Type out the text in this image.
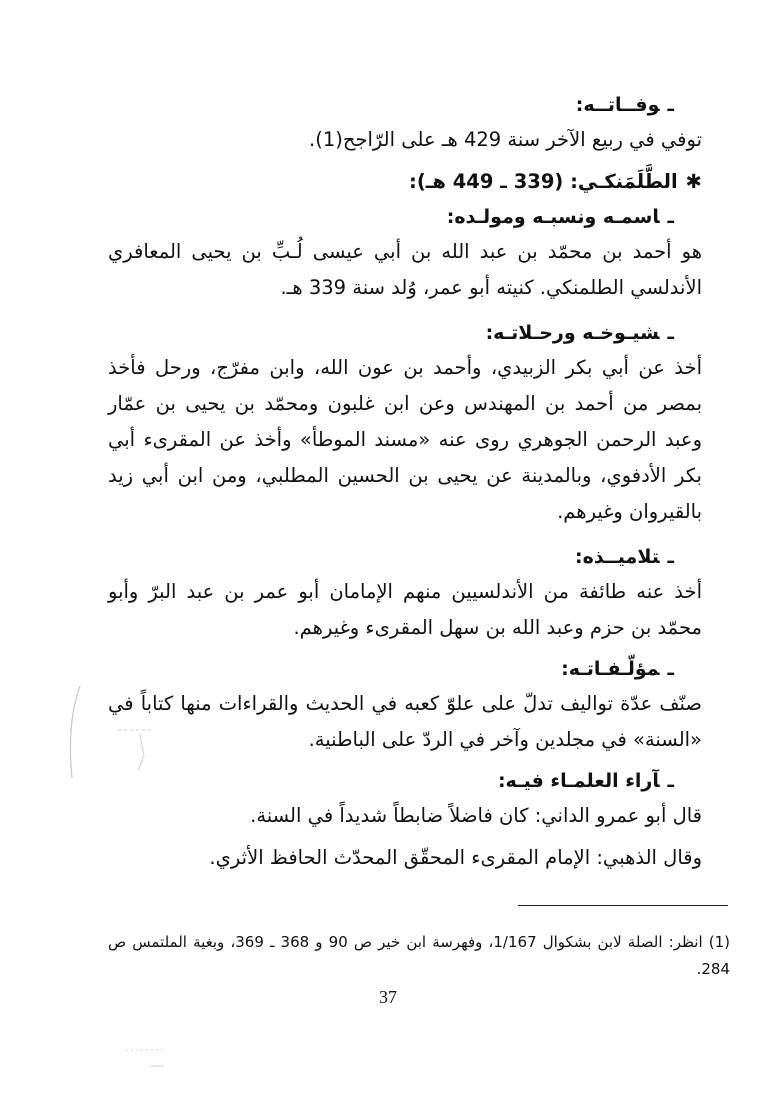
ـوفــاتــه:

توفي في ربيع الآخر سنة 429 هـ على الرّاجح(1).

✱الطَّلَمَنكـي: (339 ـ 449 هـ):
ـاسمـه ونسبـه ومولـده:

هو أحمد بن محمّد بن عبد الله بن أبي عيسى لُـبِّ بن يحيى المعافري الأندلسي الطلمنكي. كنيته أبو عمر، وُلد سنة 339 هـ.

ـشيـوخـه ورحـلاتـه:

أخذ عن أبي بكر الزبيدي، وأحمد بن عون الله، وابن مفرّج، ورحل فأخذ بمصر من أحمد بن المهندس وعن ابن غلبون ومحمّد بن يحيى بن عمّار وعبد الرحمن الجوهري روى عنه «مسند الموطأ» وأخذ عن المقرىء أبي بكر الأدفوي، وبالمدينة عن يحيى بن الحسين المطلبي، ومن ابن أبي زيد بالقيروان وغيرهم.

ـتلاميــذه:

أخذ عنه طائفة من الأندلسيين منهم الإمامان أبو عمر بن عبد البرّ وأبو محمّد بن حزم وعبد الله بن سهل المقرىء وغيرهم.

ـمؤلّـفـاتـه:

صنّف عدّة تواليف تدلّ على علوّ كعبه في الحديث والقراءات منها كتاباً في «السنة» في مجلدين وآخر في الردّ على الباطنية.

ـآراء العلمـاء فيـه:

قال أبو عمرو الداني: كان فاضلاً ضابطاً شديداً في السنة.

وقال الذهبي: الإمام المقرىء المحقّق المحدّث الحافظ الأثري.

(1) انظر: الصلة لابن بشكوال 1/167، وفهرسة ابن خير ص 90 و 368 ـ 369، وبغية الملتمس ص 284.

37
